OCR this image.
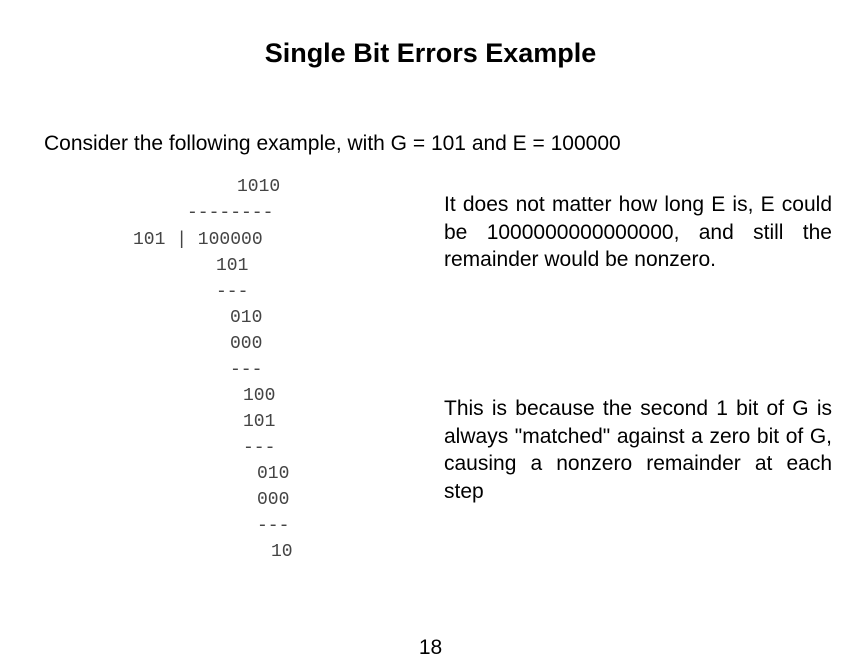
Single Bit Errors Example
Consider the following example, with G = 101 and E = 100000
1010
--------
101 | 100000
101
---
010
000
---
100
101
---
010
000
---
10
It does not matter how long E is, E could be 1000000000000000, and still the remainder would be nonzero.
This is because the second 1 bit of G is always "matched" against a zero bit of G, causing a nonzero remainder at each step
18
